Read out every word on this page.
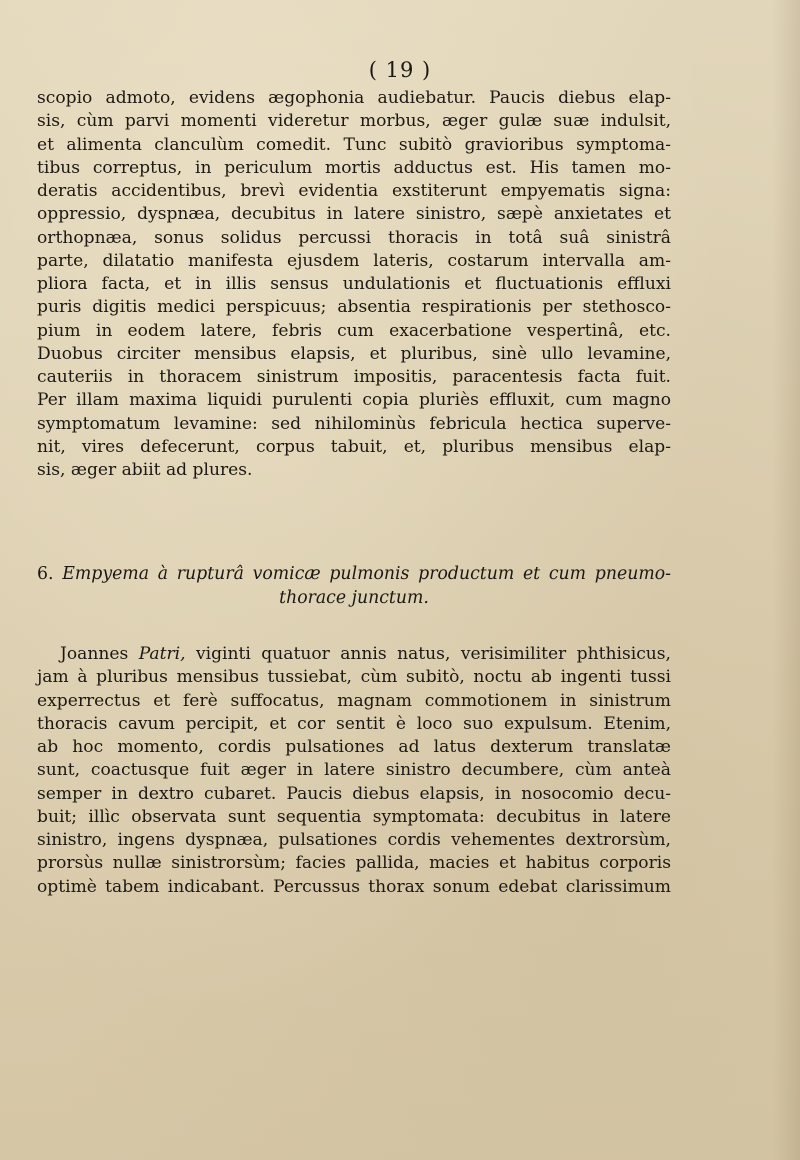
( 19 )
scopio admoto, evidens ægophonia audiebatur. Paucis diebus elap-
sis, cùm parvi momenti videretur morbus, æger gulæ suæ indulsit,
et alimenta clanculùm comedit. Tunc subitò gravioribus symptoma-
tibus correptus, in periculum mortis adductus est. His tamen mo-
deratis accidentibus, brevì evidentia exstiterunt empyematis signa:
oppressio, dyspnæa, decubitus in latere sinistro, sæpè anxietates et
orthopnæa, sonus solidus percussi thoracis in totâ suâ sinistrâ
parte, dilatatio manifesta ejusdem lateris, costarum intervalla am-
pliora facta, et in illis sensus undulationis et fluctuationis effluxi
puris digitis medici perspicuus; absentia respirationis per stethosco-
pium in eodem latere, febris cum exacerbatione vespertinâ, etc.
Duobus circiter mensibus elapsis, et pluribus, sinè ullo levamine,
cauteriis in thoracem sinistrum impositis, paracentesis facta fuit.
Per illam maxima liquidi purulenti copia pluriès effluxit, cum magno
symptomatum levamine: sed nihilominùs febricula hectica superve-
nit, vires defecerunt, corpus tabuit, et, pluribus mensibus elap-
sis, æger abiit ad plures.
6. Empyema à rupturâ vomicæ pulmonis productum et cum pneumo-
thorace junctum.
Joannes Patri, viginti quatuor annis natus, verisimiliter phthisicus,
jam à pluribus mensibus tussiebat, cùm subitò, noctu ab ingenti tussi
experrectus et ferè suffocatus, magnam commotionem in sinistrum
thoracis cavum percipit, et cor sentit è loco suo expulsum. Etenim,
ab hoc momento, cordis pulsationes ad latus dexterum translatæ
sunt, coactusque fuit æger in latere sinistro decumbere, cùm anteà
semper in dextro cubaret. Paucis diebus elapsis, in nosocomio decu-
buit; illìc observata sunt sequentia symptomata: decubitus in latere
sinistro, ingens dyspnæa, pulsationes cordis vehementes dextrorsùm,
prorsùs nullæ sinistrorsùm; facies pallida, macies et habitus corporis
optimè tabem indicabant. Percussus thorax sonum edebat clarissimum
